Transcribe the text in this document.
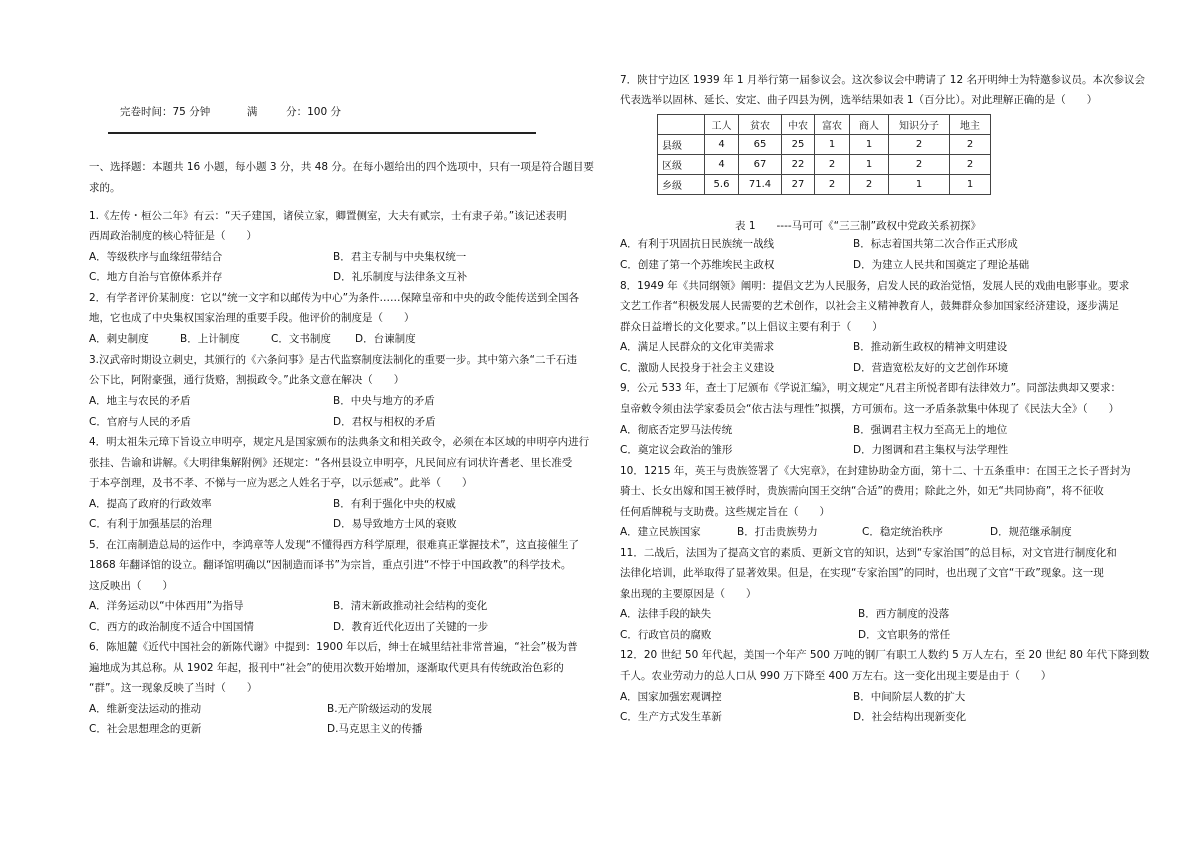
完卷时间：75 分钟	满	分：100 分
一、选择题：本题共 16 小题，每小题 3 分，共 48 分。在每小题给出的四个选项中，只有一项是符合题目要
求的。
1.《左传・桓公二年》有云：“天子建国，诸侯立家，卿置侧室，大夫有贰宗，士有隶子弟。”该记述表明
西周政治制度的核心特征是（　　）
A．等级秩序与血缘纽带结合	B．君主专制与中央集权统一
C．地方自治与官僚体系并存	D．礼乐制度与法律条文互补
2．有学者评价某制度：它以“统一文字和以邮传为中心”为条件……保障皇帝和中央的政令能传送到全国各
地，它也成了中央集权国家治理的重要手段。他评价的制度是（　　）
A．刺史制度	B．上计制度	C．文书制度 D．台谏制度
3.汉武帝时期设立刺史，其颁行的《六条问事》是古代监察制度法制化的重要一步。其中第六条“二千石违
公下比，阿附豪强，通行货赂，割损政令。”此条文意在解决（　　）
A．地主与农民的矛盾	B．中央与地方的矛盾
C．官府与人民的矛盾	D．君权与相权的矛盾
4．明太祖朱元璋下旨设立申明亭，规定凡是国家颁布的法典条文和相关政令，必须在本区域的申明亭内进行
张挂、告谕和讲解。《大明律集解附例》还规定：“各州县设立申明亭，凡民间应有词状许耆老、里长准受
于本亭剖理，及书不孝、不悌与一应为恶之人姓名于亭，以示惩戒”。此举（　　）
A．提高了政府的行政效率	B．有利于强化中央的权威
C．有利于加强基层的治理	D．易导致地方士风的衰败
5．在江南制造总局的运作中，李鸿章等人发现“不懂得西方科学原理，很难真正掌握技术”，这直接催生了
1868 年翻译馆的设立。翻译馆明确以“因制造而译书”为宗旨，重点引进“不悖于中国政教”的科学技术。
这反映出（　　）
A．洋务运动以“中体西用”为指导	B．清末新政推动社会结构的变化
C．西方的政治制度不适合中国国情	D．教育近代化迈出了关键的一步
6．陈旭麓《近代中国社会的新陈代谢》中提到：1900 年以后，绅士在城里结社非常普遍，“社会”极为普
遍地成为其总称。从 1902 年起，报刊中“社会”的使用次数开始增加，逐渐取代更具有传统政治色彩的
“群”。这一现象反映了当时（　　）
A．维新变法运动的推动	B.无产阶级运动的发展
C．社会思想理念的更新	D.马克思主义的传播
7．陕甘宁边区 1939 年 1 月举行第一届参议会。这次参议会中聘请了 12 名开明绅士为特邀参议员。本次参议会
代表选举以固林、延长、安定、曲子四县为例，选举结果如表 1（百分比）。对此理解正确的是（　　）
	工人	贫农	中农	富农	商人	知识分子	地主
县级	4	65	25	1	1	2	2
区级	4	67	22	2	1	2	2
乡级	5.6	71.4	27	2	2	1	1
表 1　　----马可可《“三三制”政权中党政关系初探》
A．有利于巩固抗日民族统一战线	B．标志着国共第二次合作正式形成
C．创建了第一个苏维埃民主政权	D．为建立人民共和国奠定了理论基础
8．1949 年《共同纲领》阐明：提倡文艺为人民服务，启发人民的政治觉悟，发展人民的戏曲电影事业。要求
文艺工作者“积极发展人民需要的艺术创作，以社会主义精神教育人，鼓舞群众参加国家经济建设，逐步满足
群众日益增长的文化要求。”以上倡议主要有利于（　　）
A．满足人民群众的文化审美需求	B．推动新生政权的精神文明建设
C．激励人民投身于社会主义建设	D．营造宽松友好的文艺创作环境
9．公元 533 年，查士丁尼颁布《学说汇编》，明文规定“凡君主所悦者即有法律效力”。同部法典却又要求：
皇帝敕令须由法学家委员会“依古法与理性”拟撰，方可颁布。这一矛盾条款集中体现了《民法大全》（　　）
A．彻底否定罗马法传统	B．强调君主权力至高无上的地位
C．奠定议会政治的雏形	D．力图调和君主集权与法学理性
10．1215 年，英王与贵族签署了《大宪章》，在封建协助金方面，第十二、十五条重申：在国王之长子晋封为
骑士、长女出嫁和国王被俘时，贵族需向国王交纳“合适”的费用；除此之外，如无“共同协商”，将不征收
任何盾牌税与支助费。这些规定旨在（　　）
A．建立民族国家	B．打击贵族势力	C．稳定统治秩序	D．规范继承制度
11．二战后，法国为了提高文官的素质、更新文官的知识，达到“专家治国”的总目标，对文官进行制度化和
法律化培训，此举取得了显著效果。但是，在实现“专家治国”的同时，也出现了文官“干政”现象。这一现
象出现的主要原因是（　　）
A．法律手段的缺失	B．西方制度的没落
C．行政官员的腐败	D．文官职务的常任
12．20 世纪 50 年代起，美国一个年产 500 万吨的钢厂有职工人数约 5 万人左右，至 20 世纪 80 年代下降到数
千人。农业劳动力的总人口从 990 万下降至 400 万左右。这一变化出现主要是由于（　　）
A．国家加强宏观调控	B．中间阶层人数的扩大
C．生产方式发生革新	D．社会结构出现新变化
